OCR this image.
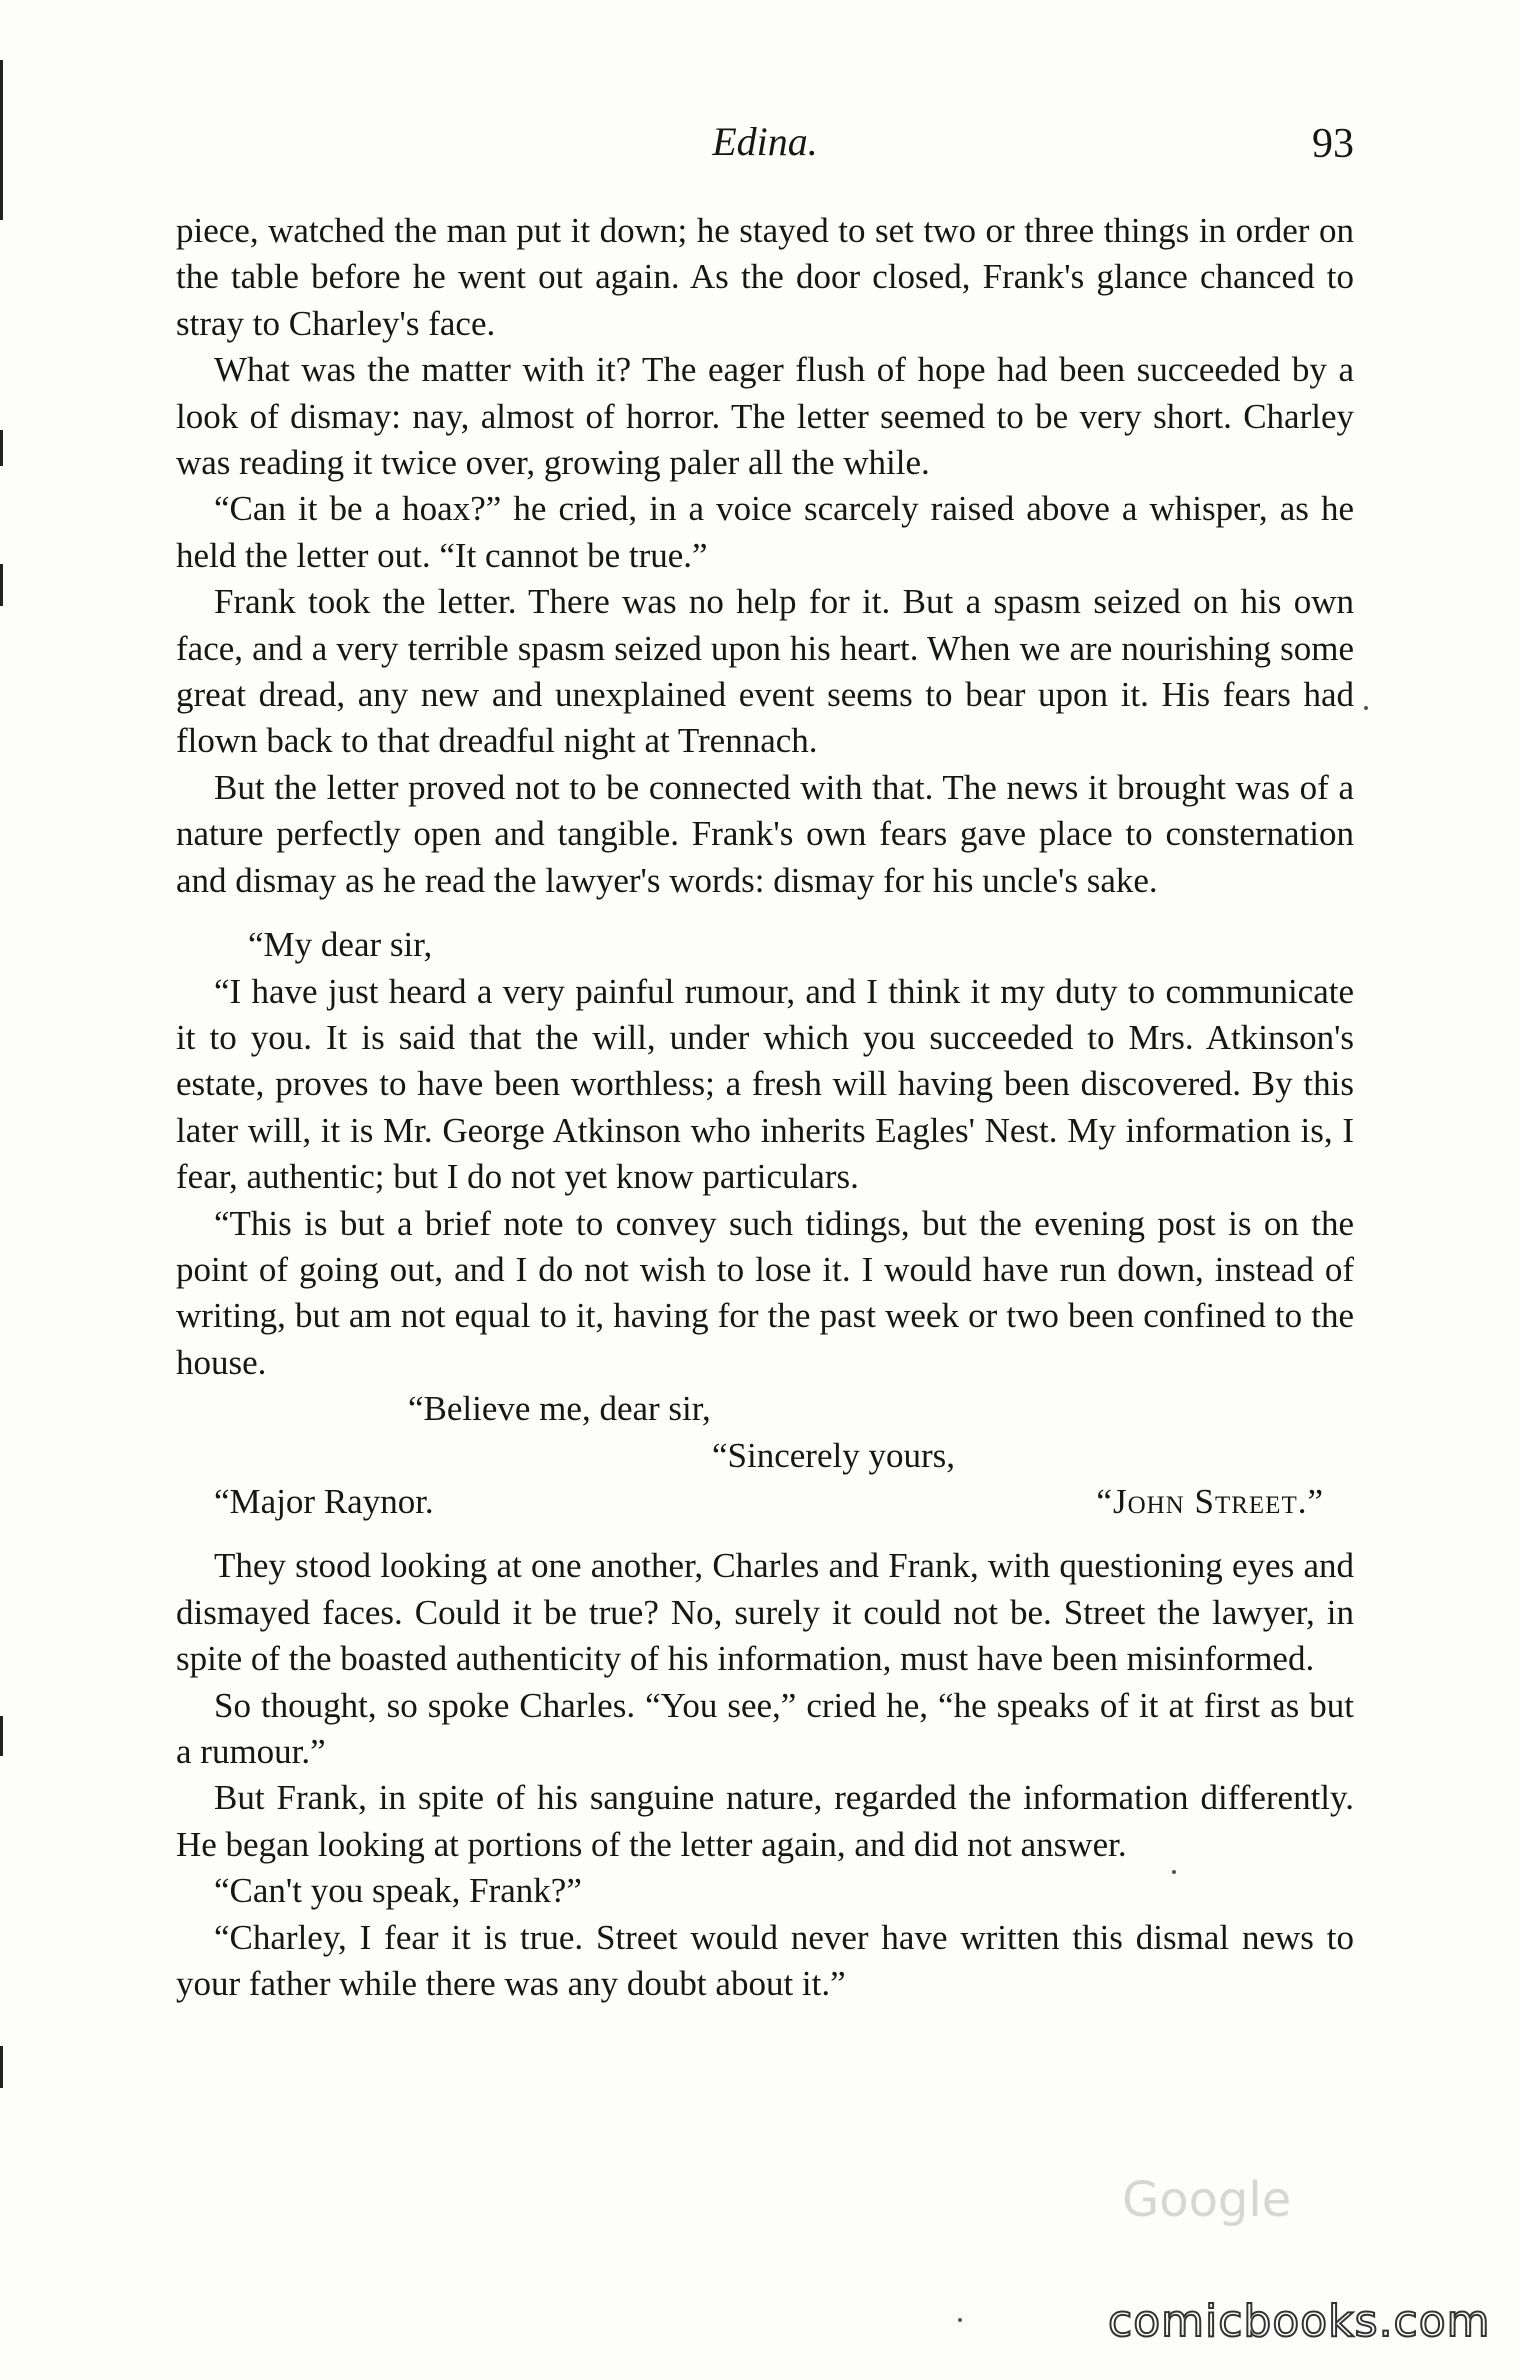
Edina.	93

piece, watched the man put it down; he stayed to set two or three things in order on the table before he went out again. As the door closed, Frank's glance chanced to stray to Charley's face.

What was the matter with it? The eager flush of hope had been succeeded by a look of dismay: nay, almost of horror. The letter seemed to be very short. Charley was reading it twice over, growing paler all the while.

“Can it be a hoax?” he cried, in a voice scarcely raised above a whisper, as he held the letter out. “It cannot be true.”

Frank took the letter. There was no help for it. But a spasm seized on his own face, and a very terrible spasm seized upon his heart. When we are nourishing some great dread, any new and unexplained event seems to bear upon it. His fears had flown back to that dreadful night at Trennach.

But the letter proved not to be connected with that. The news it brought was of a nature perfectly open and tangible. Frank's own fears gave place to consternation and dismay as he read the lawyer's words: dismay for his uncle's sake.

“My dear sir,

“I have just heard a very painful rumour, and I think it my duty to communicate it to you. It is said that the will, under which you succeeded to Mrs. Atkinson's estate, proves to have been worthless; a fresh will having been discovered. By this later will, it is Mr. George Atkinson who inherits Eagles' Nest. My information is, I fear, authentic; but I do not yet know particulars.

“This is but a brief note to convey such tidings, but the evening post is on the point of going out, and I do not wish to lose it. I would have run down, instead of writing, but am not equal to it, having for the past week or two been confined to the house.

“Believe me, dear sir,

“Sincerely yours,

“Major Raynor.	“John Street.”

They stood looking at one another, Charles and Frank, with questioning eyes and dismayed faces. Could it be true? No, surely it could not be. Street the lawyer, in spite of the boasted authenticity of his information, must have been misinformed.

So thought, so spoke Charles. “You see,” cried he, “he speaks of it at first as but a rumour.”

But Frank, in spite of his sanguine nature, regarded the information differently. He began looking at portions of the letter again, and did not answer.

“Can't you speak, Frank?”

“Charley, I fear it is true. Street would never have written this dismal news to your father while there was any doubt about it.”

Google
comicbooks.com
